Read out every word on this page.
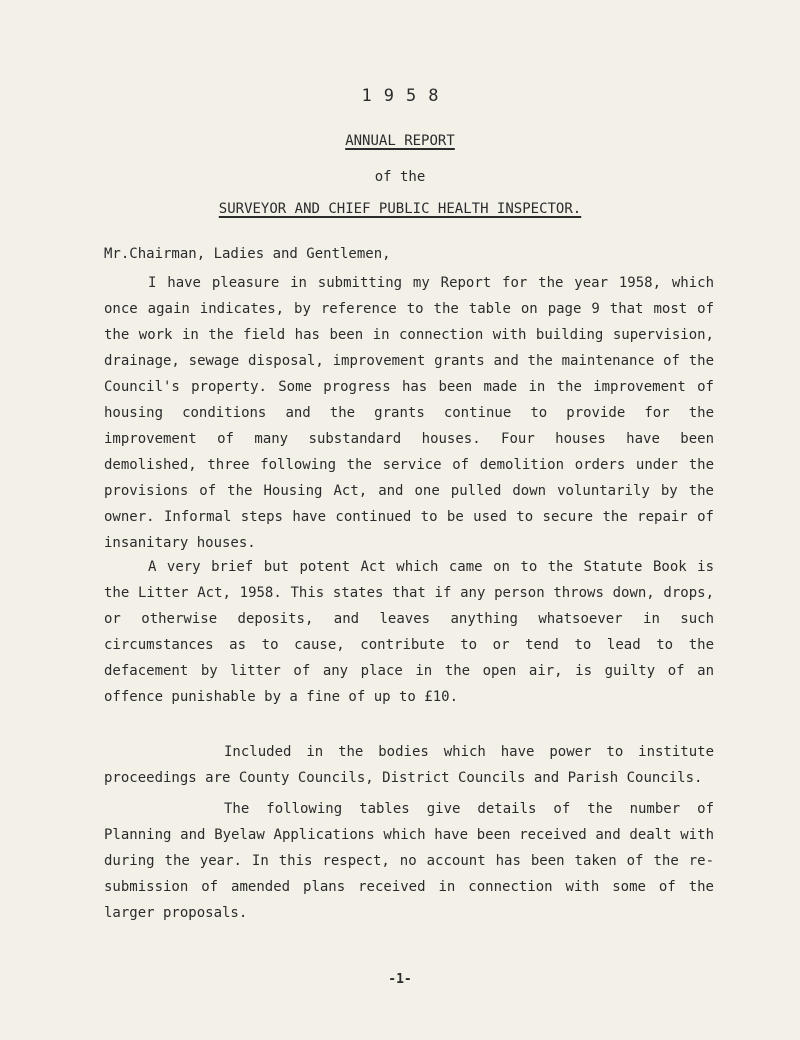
1958
ANNUAL REPORT
of the
SURVEYOR AND CHIEF PUBLIC HEALTH INSPECTOR.
Mr.Chairman, Ladies and Gentlemen,

I have pleasure in submitting my Report for the year 1958, which once again indicates, by reference to the table on page 9 that most of the work in the field has been in connection with building supervision, drainage, sewage disposal, improvement grants and the maintenance of the Council's property. Some progress has been made in the improvement of housing conditions and the grants continue to provide for the improvement of many substandard houses. Four houses have been demolished, three following the service of demolition orders under the provisions of the Housing Act, and one pulled down voluntarily by the owner. Informal steps have continued to be used to secure the repair of insanitary houses.

A very brief but potent Act which came on to the Statute Book is the Litter Act, 1958. This states that if any person throws down, drops, or otherwise deposits, and leaves anything whatsoever in such circumstances as to cause, contribute to or tend to lead to the defacement by litter of any place in the open air, is guilty of an offence punishable by a fine of up to £10.

Included in the bodies which have power to institute proceedings are County Councils, District Councils and Parish Councils.

The following tables give details of the number of Planning and Byelaw Applications which have been received and dealt with during the year. In this respect, no account has been taken of the re-submission of amended plans received in connection with some of the larger proposals.

-1-
